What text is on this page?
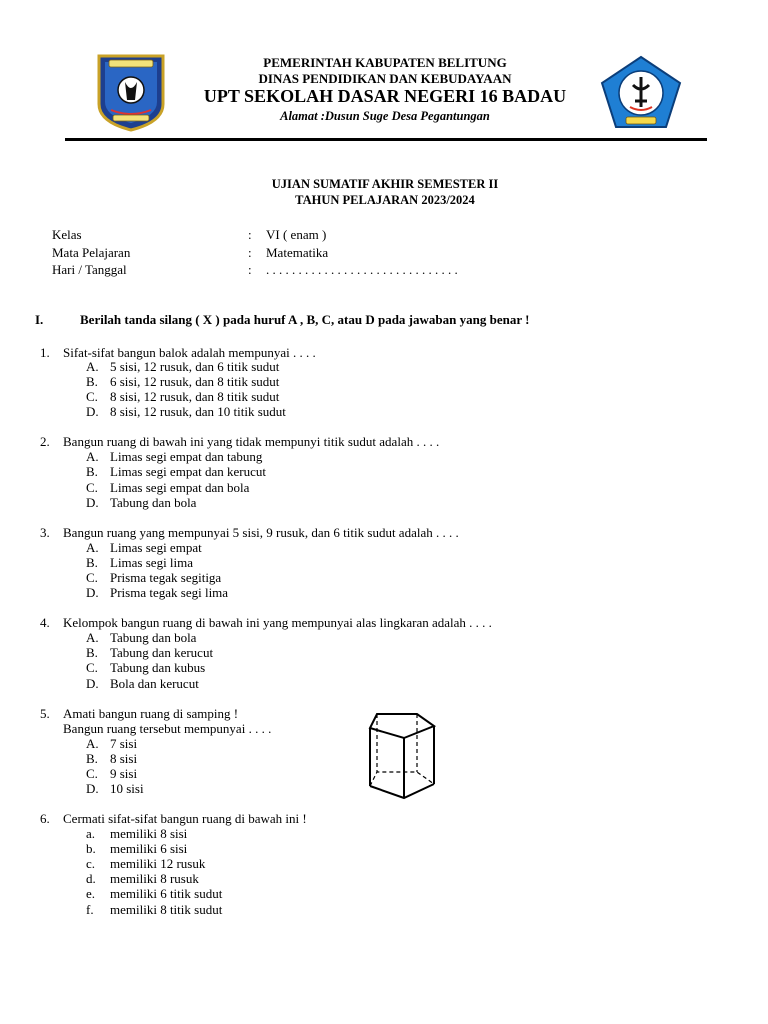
PEMERINTAH KABUPATEN BELITUNG
DINAS PENDIDIKAN DAN KEBUDAYAAN
UPT SEKOLAH DASAR NEGERI 16 BADAU
Alamat :Dusun Suge Desa Pegantungan
UJIAN SUMATIF AKHIR SEMESTER II
TAHUN PELAJARAN 2023/2024
Kelas	: VI ( enam )
Mata Pelajaran	: Matematika
Hari / Tanggal	: . . . . . . . . . . . . . . . . . . . . . . . . . . . . . .
I.	Berilah tanda silang ( X ) pada huruf A , B, C, atau D pada jawaban yang benar !
1. Sifat-sifat bangun balok adalah mempunyai . . . .
A. 5 sisi, 12 rusuk, dan 6 titik sudut
B. 6 sisi, 12 rusuk, dan 8 titik sudut
C. 8 sisi, 12 rusuk, dan 8 titik sudut
D. 8 sisi, 12 rusuk, dan 10 titik sudut
2. Bangun ruang di bawah ini yang tidak mempunyi titik sudut adalah . . . .
A. Limas segi empat dan tabung
B. Limas segi empat dan kerucut
C. Limas segi empat dan bola
D. Tabung dan bola
3. Bangun ruang yang mempunyai 5 sisi, 9 rusuk, dan 6 titik sudut adalah . . . .
A. Limas segi empat
B. Limas segi lima
C. Prisma tegak segitiga
D. Prisma tegak segi lima
4. Kelompok bangun ruang di bawah ini yang mempunyai alas lingkaran adalah . . . .
A. Tabung dan bola
B. Tabung dan kerucut
C. Tabung dan kubus
D. Bola dan kerucut
5. Amati bangun ruang di samping !
Bangun ruang tersebut mempunyai . . . .
A. 7 sisi
B. 8 sisi
C. 9 sisi
D. 10 sisi
6. Cermati sifat-sifat bangun ruang di bawah ini !
a.	memiliki 8 sisi
b.	memiliki 6 sisi
c.	memiliki 12 rusuk
d.	memiliki 8 rusuk
e.	memiliki 6 titik sudut
f.	memiliki 8 titik sudut
